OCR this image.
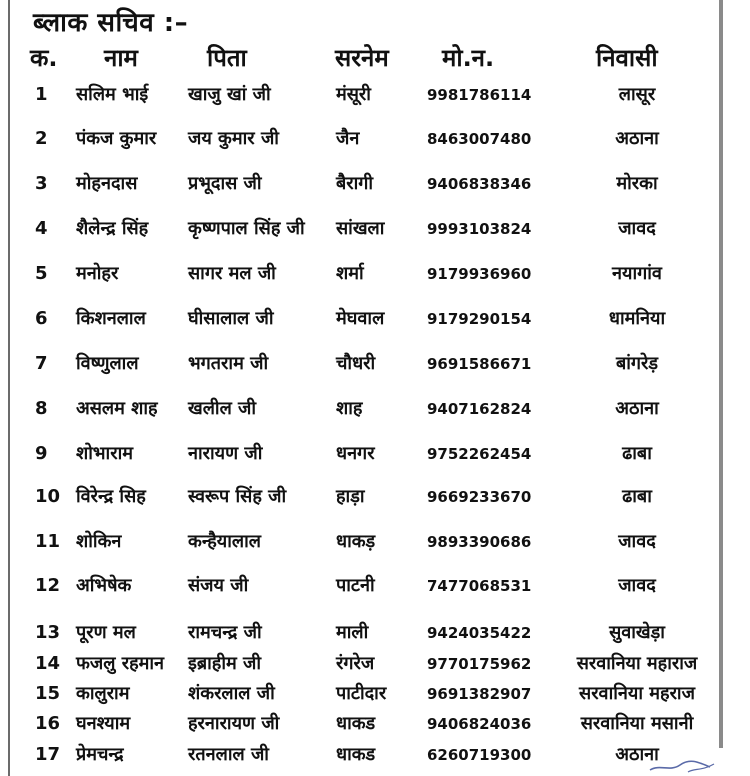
ब्लाक सचिव :–
क. नाम	पिता	सरनेम मो.न.	निवासी
1	सलिम भाई	खाजु खां जी	मंसूरी	9981786114	लासूर
2	पंकज कुमार	जय कुमार जी	जैन	8463007480	अठाना
3	मोहनदास	प्रभूदास जी	बैरागी	9406838346	मोरका
4	शैलेन्द्र सिंह	कृष्णपाल सिंह जी	सांखला	9993103824	जावद
5	मनोहर	सागर मल जी	शर्मा	9179936960	नयागांव
6	किशनलाल	घीसालाल जी	मेघवाल	9179290154	धामनिया
7	विष्णुलाल	भगतराम जी	चौधरी	9691586671	बांगरेड़
8	असलम शाह	खलील जी	शाह	9407162824	अठाना
9	शोभाराम	नारायण जी	धनगर	9752262454	ढाबा
10 विरेन्द्र सिह	स्वरूप सिंह जी	हाड़ा	9669233670	ढाबा
11 शोकिन	कन्हैयालाल	धाकड़	9893390686	जावद
12 अभिषेक	संजय जी	पाटनी	7477068531	जावद
13 पूरण मल	रामचन्द्र जी	माली	9424035422	सुवाखेड़ा
14 फजलु रहमान	इब्राहीम जी	रंगरेज	9770175962	सरवानिया महाराज
15 कालुराम	शंकरलाल जी	पाटीदार	9691382907	सरवानिया महराज
16 घनश्याम	हरनारायण जी	धाकड	9406824036	सरवानिया मसानी
17 प्रेमचन्द्र	रतनलाल जी	धाकड	6260719300	अठाना
